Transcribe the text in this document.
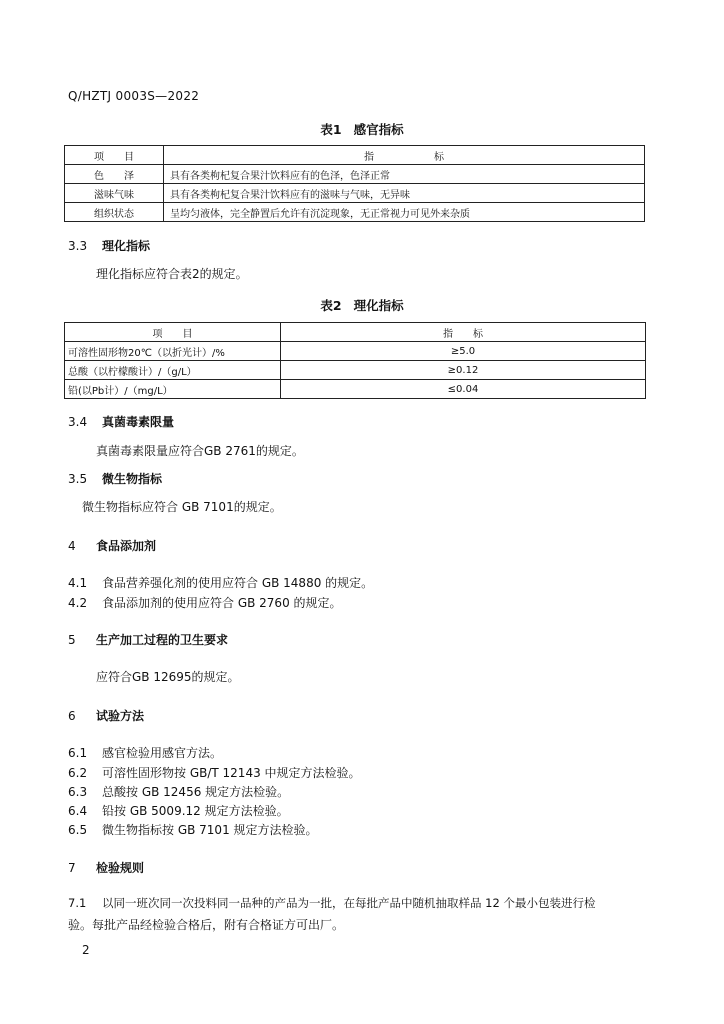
Q/HZTJ 0003S—2022
表1 感官指标
项　　目	指　　　　　　标
色　　泽	具有各类枸杞复合果汁饮料应有的色泽，色泽正常
滋味气味	具有各类枸杞复合果汁饮料应有的滋味与气味，无异味
组织状态	呈均匀液体，完全静置后允许有沉淀现象，无正常视力可见外来杂质
3.3 理化指标
理化指标应符合表2的规定。
表2 理化指标
项　　目	指　　标
可溶性固形物20℃（以折光计）/%	≥5.0
总酸（以柠檬酸计）/（g/L）	≥0.12
铅(以Pb计）/（mg/L）	≤0.04
3.4 真菌毒素限量
真菌毒素限量应符合GB 2761的规定。
3.5 微生物指标
微生物指标应符合 GB 7101的规定。
4 食品添加剂
4.1 食品营养强化剂的使用应符合 GB 14880 的规定。
4.2 食品添加剂的使用应符合 GB 2760 的规定。
5 生产加工过程的卫生要求
应符合GB 12695的规定。
6 试验方法
6.1 感官检验用感官方法。
6.2 可溶性固形物按 GB/T 12143 中规定方法检验。
6.3 总酸按 GB 12456 规定方法检验。
6.4 铅按 GB 5009.12 规定方法检验。
6.5 微生物指标按 GB 7101 规定方法检验。
7 检验规则
7.1 以同一班次同一次投料同一品种的产品为一批，在每批产品中随机抽取样品 12 个最小包装进行检
验。每批产品经检验合格后，附有合格证方可出厂。
2
